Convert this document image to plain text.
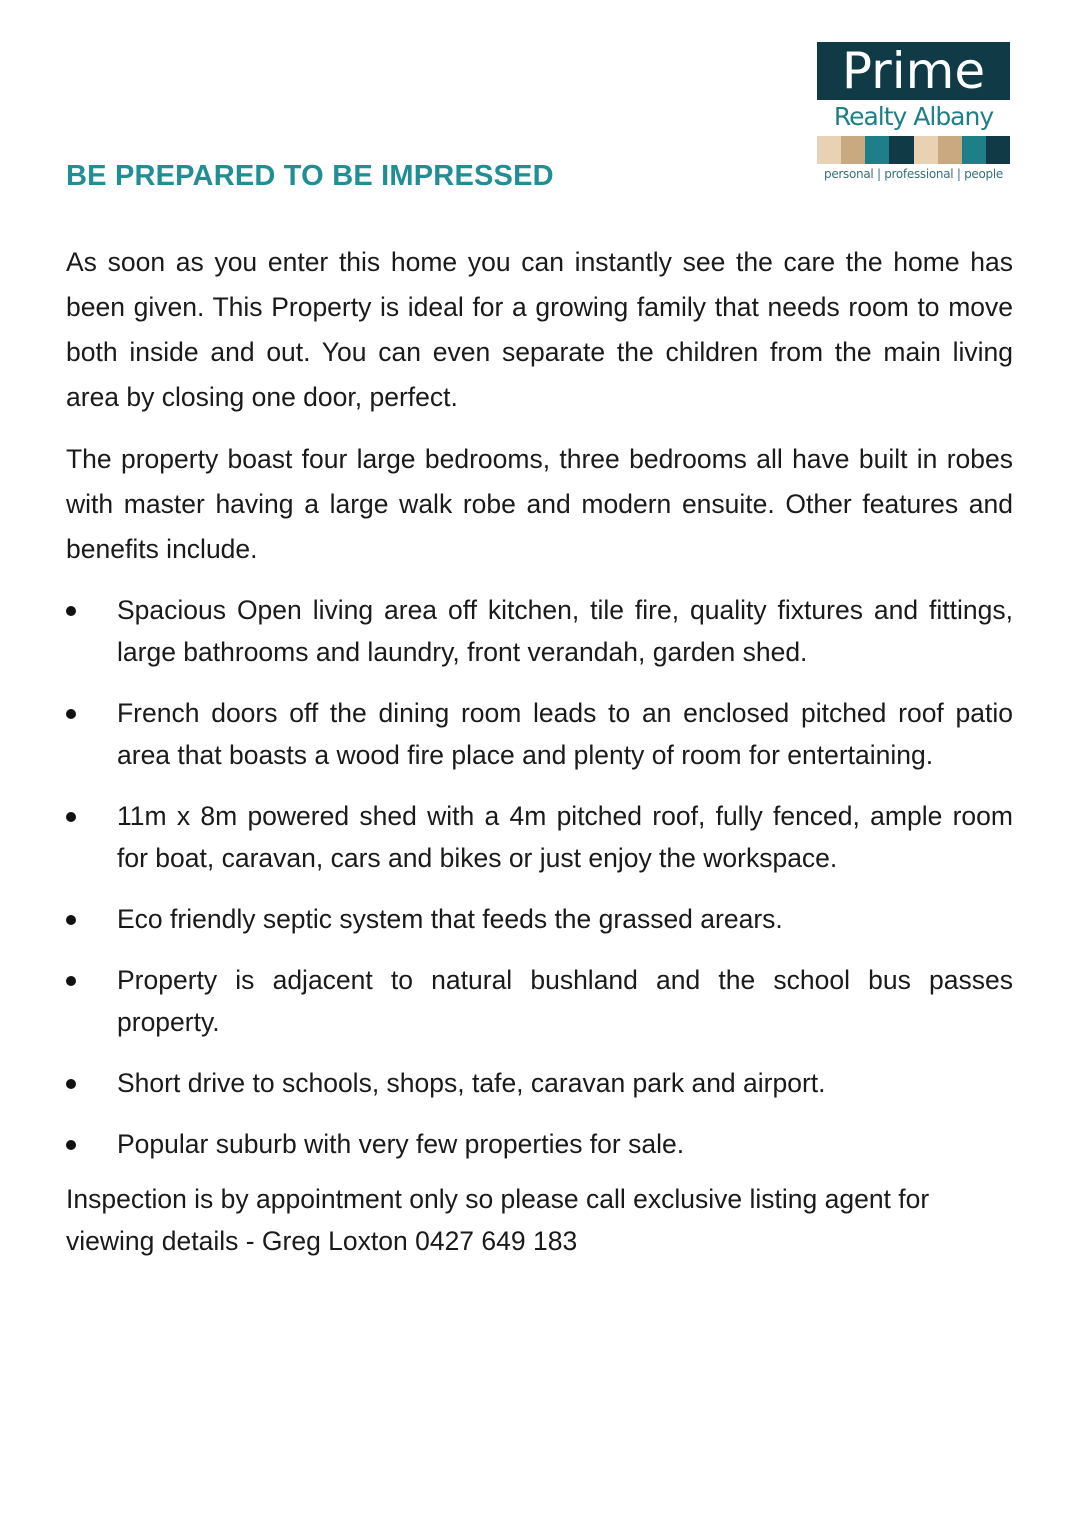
Prime
Realty Albany
personal | professional | people
BE PREPARED TO BE IMPRESSED

As soon as you enter this home you can instantly see the care the home has been given. This Property is ideal for a growing family that needs room to move both inside and out. You can even separate the children from the main living area by closing one door, perfect.

The property boast four large bedrooms, three bedrooms all have built in robes with master having a large walk robe and modern ensuite. Other features and benefits include.

Spacious Open living area off kitchen, tile fire, quality fixtures and fittings, large bathrooms and laundry, front verandah, garden shed.
French doors off the dining room leads to an enclosed pitched roof patio area that boasts a wood fire place and plenty of room for entertaining.
11m x 8m powered shed with a 4m pitched roof, fully fenced, ample room for boat, caravan, cars and bikes or just enjoy the workspace.
Eco friendly septic system that feeds the grassed arears.
Property is adjacent to natural bushland and the school bus passes property.
Short drive to schools, shops, tafe, caravan park and airport.
Popular suburb with very few properties for sale.

Inspection is by appointment only so please call exclusive listing agent for viewing details - Greg Loxton 0427 649 183
